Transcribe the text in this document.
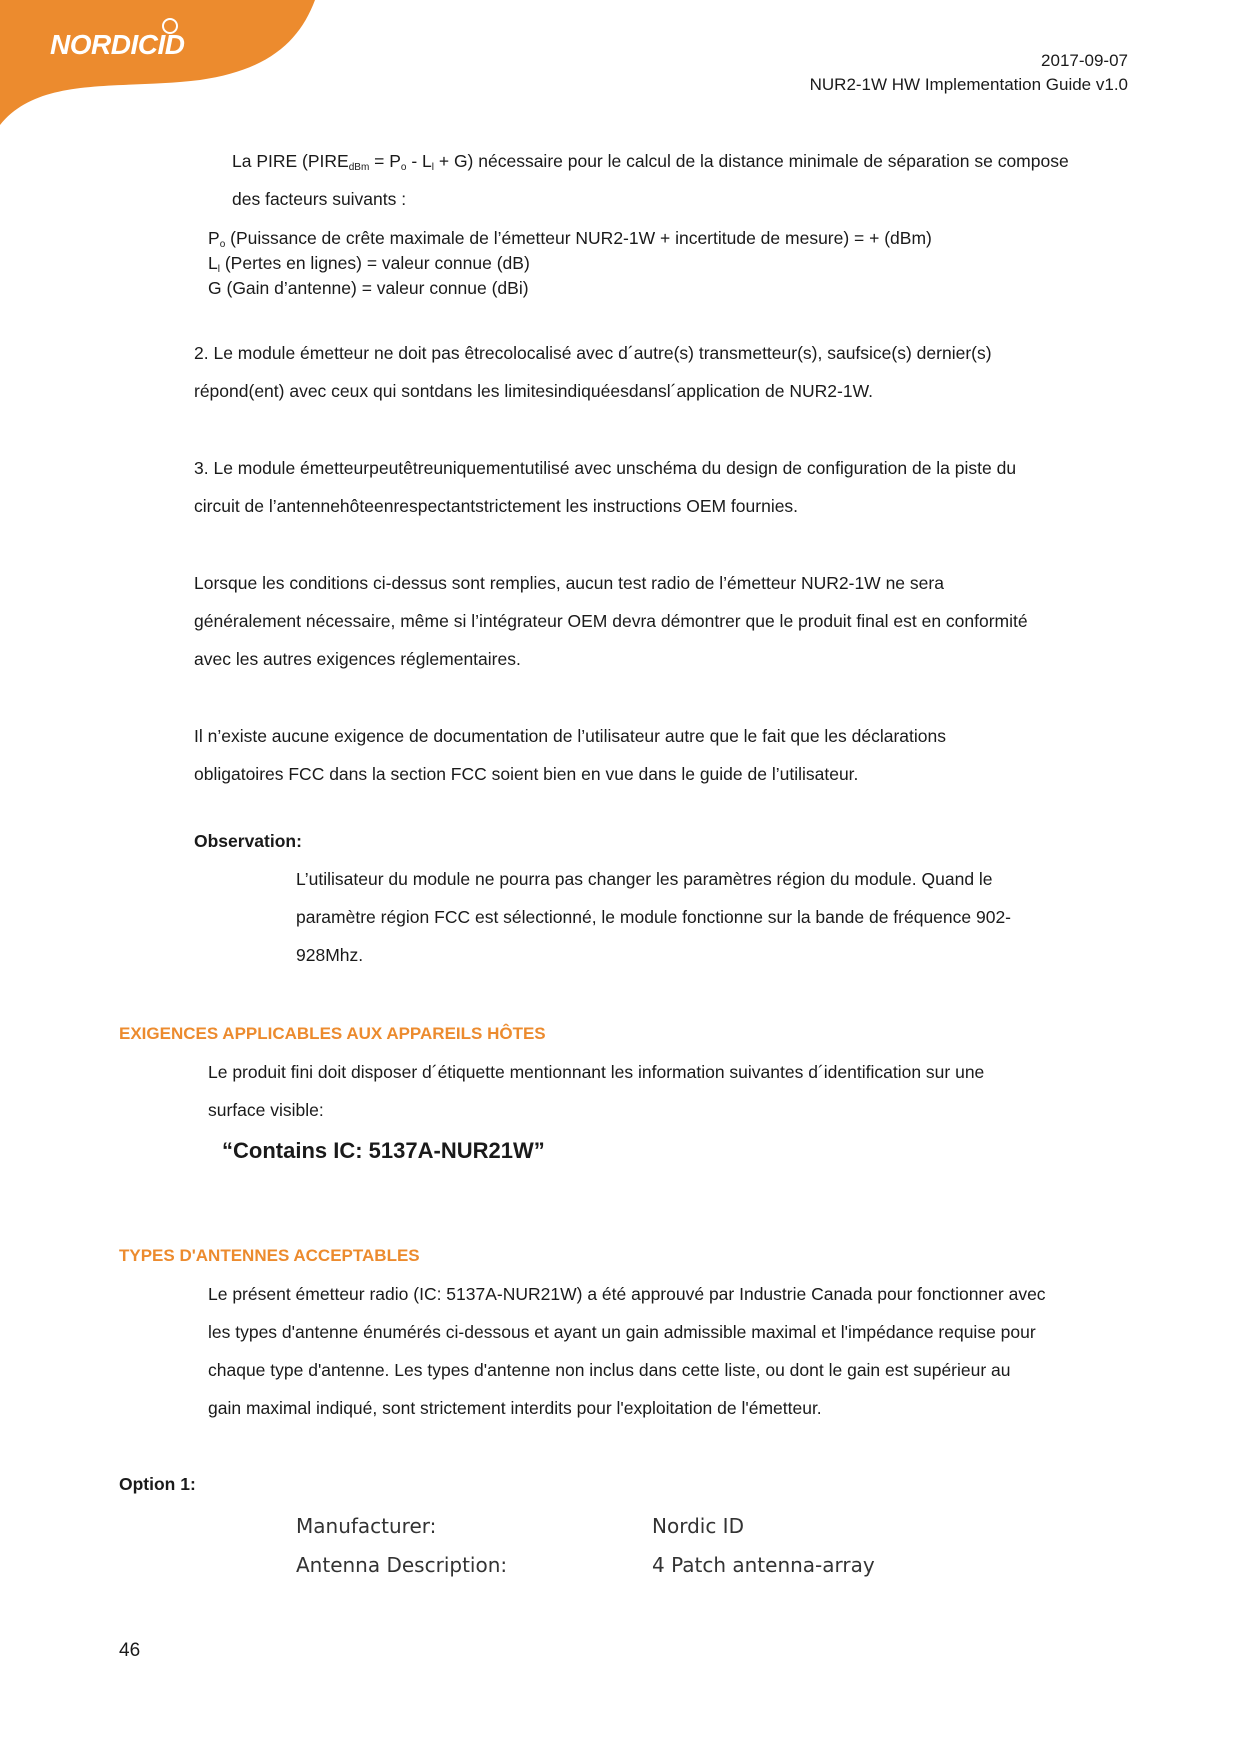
NORDICID
2017-09-07
NUR2-1W HW Implementation Guide v1.0
La PIRE (PIREdBm = Po - Ll + G) nécessaire pour le calcul de la distance minimale de séparation se compose
des facteurs suivants :
Po (Puissance de crête maximale de l’émetteur NUR2-1W + incertitude de mesure) = + (dBm)
Ll (Pertes en lignes) = valeur connue (dB)
G (Gain d’antenne) = valeur connue (dBi)
2. Le module émetteur ne doit pas êtrecolocalisé avec d´autre(s) transmetteur(s), saufsice(s) dernier(s)
répond(ent) avec ceux qui sontdans les limitesindiquéesdansl´application de NUR2-1W.
3. Le module émetteurpeutêtreuniquementutilisé avec unschéma du design de configuration de la piste du
circuit de l’antennehôteenrespectantstrictement les instructions OEM fournies.
Lorsque les conditions ci-dessus sont remplies, aucun test radio de l’émetteur NUR2-1W ne sera
généralement nécessaire, même si l’intégrateur OEM devra démontrer que le produit final est en conformité
avec les autres exigences réglementaires.
Il n’existe aucune exigence de documentation de l’utilisateur autre que le fait que les déclarations
obligatoires FCC dans la section FCC soient bien en vue dans le guide de l’utilisateur.
Observation:
L’utilisateur du module ne pourra pas changer les paramètres région du module. Quand le
paramètre région FCC est sélectionné, le module fonctionne sur la bande de fréquence 902-
928Mhz.
EXIGENCES APPLICABLES AUX APPAREILS HÔTES
Le produit fini doit disposer d´étiquette mentionnant les information suivantes d´identification sur une
surface visible:
“Contains IC: 5137A-NUR21W”
TYPES D'ANTENNES ACCEPTABLES
Le présent émetteur radio (IC: 5137A-NUR21W) a été approuvé par Industrie Canada pour fonctionner avec
les types d'antenne énumérés ci-dessous et ayant un gain admissible maximal et l'impédance requise pour
chaque type d'antenne. Les types d'antenne non inclus dans cette liste, ou dont le gain est supérieur au
gain maximal indiqué, sont strictement interdits pour l'exploitation de l'émetteur.
Option 1:
Manufacturer:	Nordic ID
Antenna Description:	4 Patch antenna-array
46
